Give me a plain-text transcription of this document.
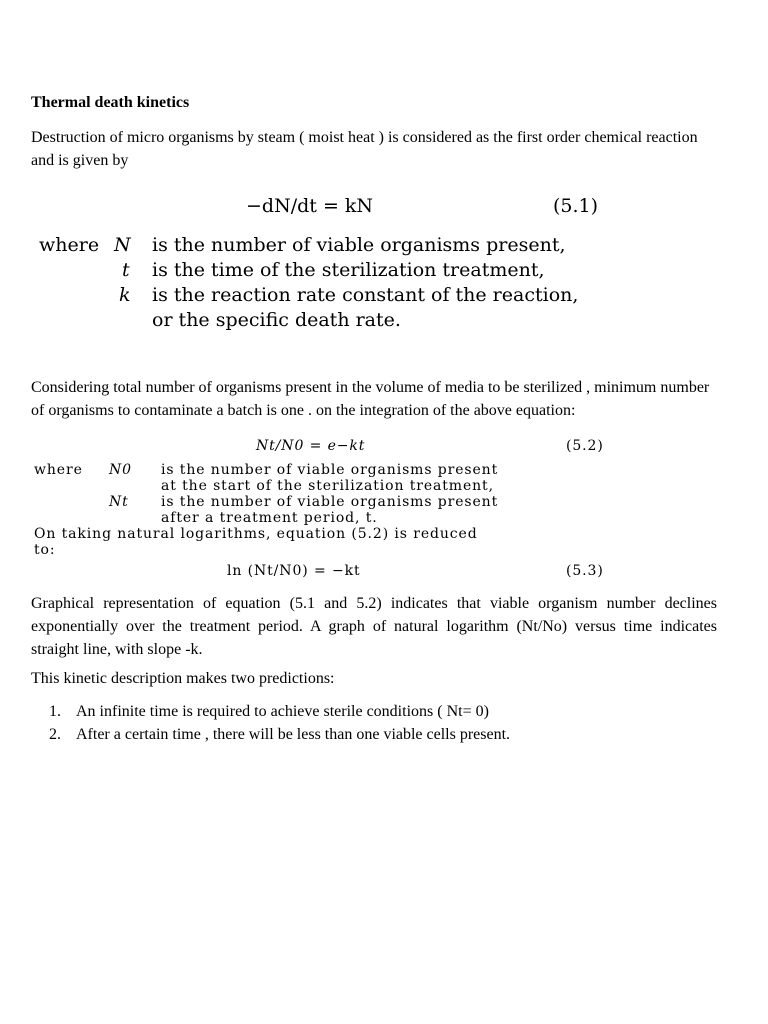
Thermal death kinetics

Destruction of micro organisms by steam ( moist heat ) is considered as the first order chemical reaction and is given by

−dN/dt = kN	(5.1)
where N is the number of viable organisms present,
t is the time of the sterilization treatment,
k is the reaction rate constant of the reaction,
or the specific death rate.

Considering total number of organisms present in the volume of media to be sterilized , minimum number of organisms to contaminate a batch is one . on the integration of the above equation:

Nt/N0 = e−kt	(5.2)
where N0 is the number of viable organisms present
at the start of the sterilization treatment,
Nt is the number of viable organisms present
after a treatment period, t.
On taking natural logarithms, equation (5.2) is reduced
to:
ln (Nt/N0) = −kt	(5.3)

Graphical representation of equation (5.1 and 5.2) indicates that viable organism number declines exponentially over the treatment period. A graph of natural logarithm (Nt/No) versus time indicates straight line, with slope -k.

This kinetic description makes two predictions:

1. An infinite time is required to achieve sterile conditions ( Nt= 0)
2. After a certain time , there will be less than one viable cells present.
